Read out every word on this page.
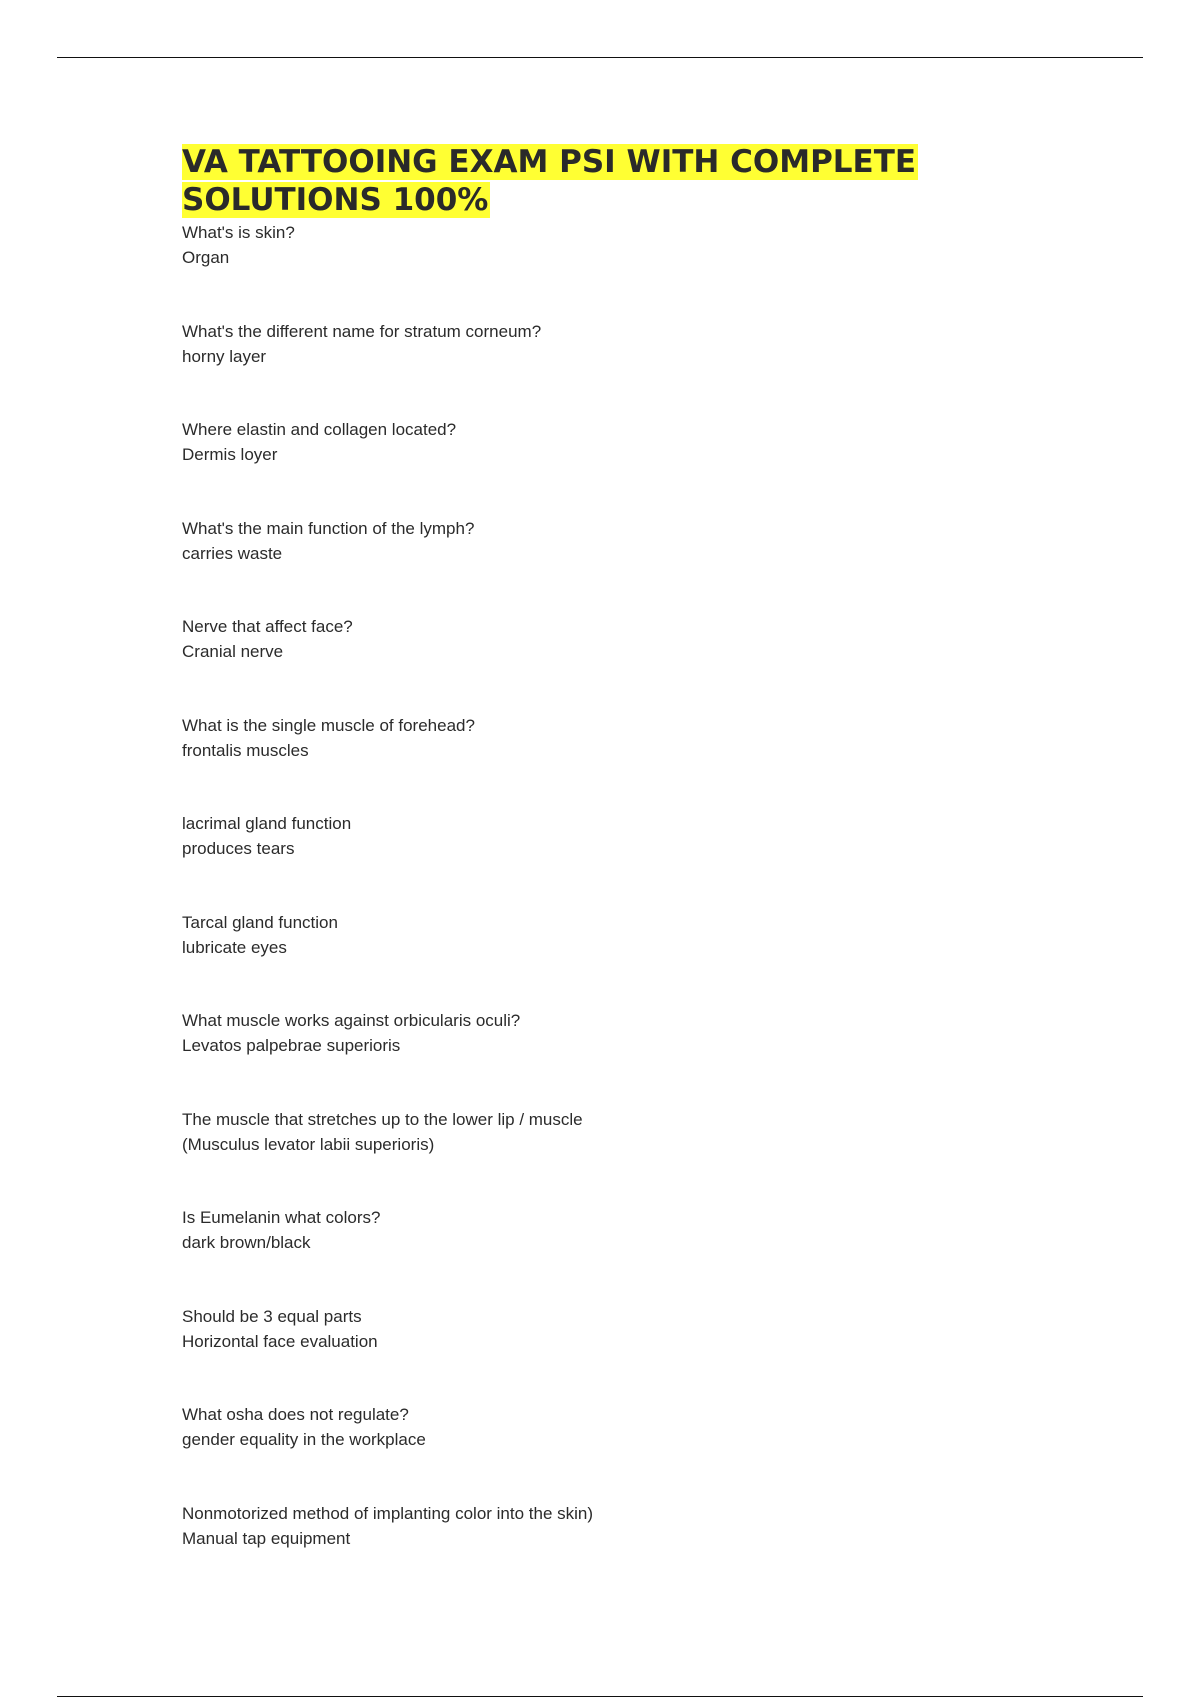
VA TATTOOING EXAM PSI WITH COMPLETE SOLUTIONS 100%
What's is skin?
Organ
What's the different name for stratum corneum?
horny layer
Where elastin and collagen located?
Dermis loyer
What's the main function of the lymph?
carries waste
Nerve that affect face?
Cranial nerve
What is the single muscle of forehead?
frontalis muscles
lacrimal gland function
produces tears
Tarcal gland function
lubricate eyes
What muscle works against orbicularis oculi?
Levatos palpebrae superioris
The muscle that stretches up to the lower lip / muscle
(Musculus levator labii superioris)
Is Eumelanin what colors?
dark brown/black
Should be 3 equal parts
Horizontal face evaluation
What osha does not regulate?
gender equality in the workplace
Nonmotorized method of implanting color into the skin)
Manual tap equipment
